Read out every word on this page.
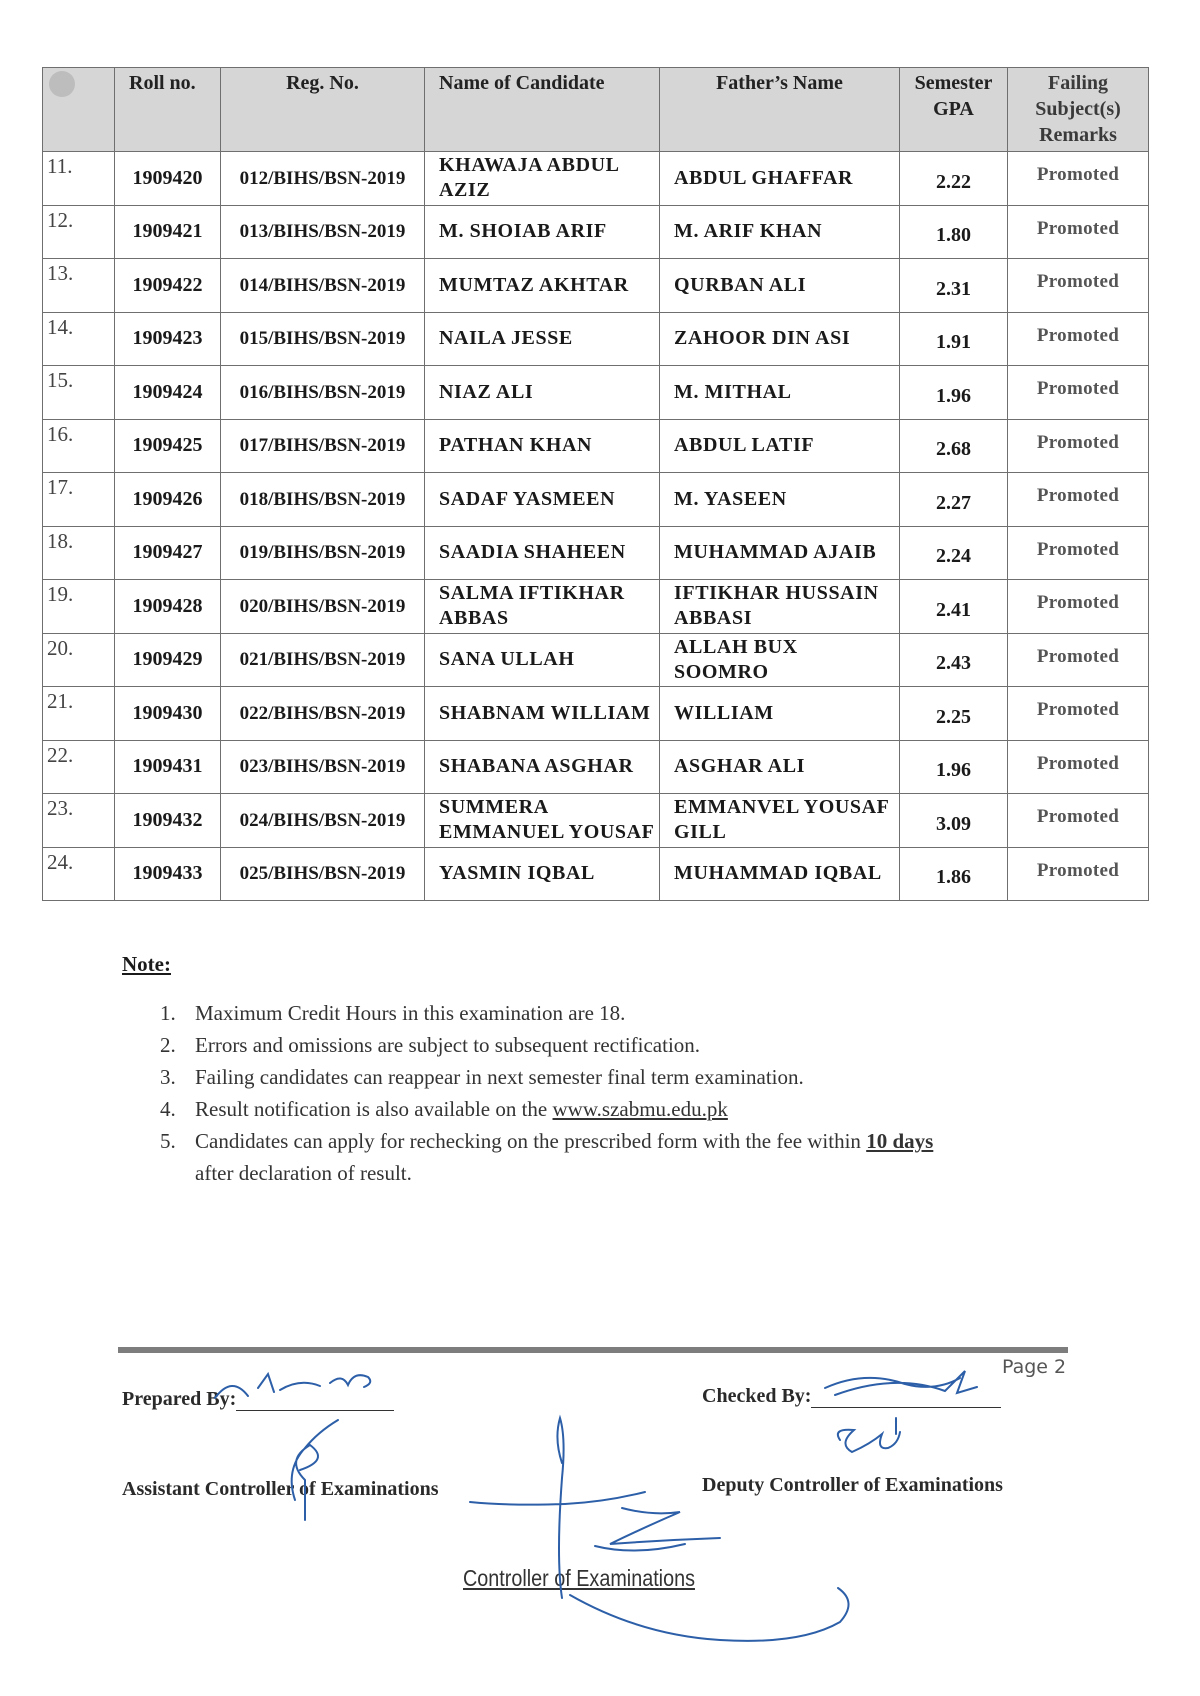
	Roll no.	Reg. No.	Name of Candidate	Father’s Name	Semester GPA	Failing Subject(s) Remarks
11.	1909420	012/BIHS/BSN-2019	KHAWAJA ABDUL AZIZ	ABDUL GHAFFAR	2.22	Promoted
12.	1909421	013/BIHS/BSN-2019	M. SHOIAB ARIF	M. ARIF KHAN	1.80	Promoted
13.	1909422	014/BIHS/BSN-2019	MUMTAZ AKHTAR	QURBAN ALI	2.31	Promoted
14.	1909423	015/BIHS/BSN-2019	NAILA JESSE	ZAHOOR DIN ASI	1.91	Promoted
15.	1909424	016/BIHS/BSN-2019	NIAZ ALI	M. MITHAL	1.96	Promoted
16.	1909425	017/BIHS/BSN-2019	PATHAN KHAN	ABDUL LATIF	2.68	Promoted
17.	1909426	018/BIHS/BSN-2019	SADAF YASMEEN	M. YASEEN	2.27	Promoted
18.	1909427	019/BIHS/BSN-2019	SAADIA SHAHEEN	MUHAMMAD AJAIB	2.24	Promoted
19.	1909428	020/BIHS/BSN-2019	SALMA IFTIKHAR ABBAS	IFTIKHAR HUSSAIN ABBASI	2.41	Promoted
20.	1909429	021/BIHS/BSN-2019	SANA ULLAH	ALLAH BUX SOOMRO	2.43	Promoted
21.	1909430	022/BIHS/BSN-2019	SHABNAM WILLIAM	WILLIAM	2.25	Promoted
22.	1909431	023/BIHS/BSN-2019	SHABANA ASGHAR	ASGHAR ALI	1.96	Promoted
23.	1909432	024/BIHS/BSN-2019	SUMMERA EMMANUEL YOUSAF	EMMANVEL YOUSAF GILL	3.09	Promoted
24.	1909433	025/BIHS/BSN-2019	YASMIN IQBAL	MUHAMMAD IQBAL	1.86	Promoted

Note:

1. Maximum Credit Hours in this examination are 18.
2. Errors and omissions are subject to subsequent rectification.
3. Failing candidates can reappear in next semester final term examination.
4. Result notification is also available on the www.szabmu.edu.pk
5. Candidates can apply for rechecking on the prescribed form with the fee within 10 days
after declaration of result.
Page 2
Prepared By:	Checked By:
Assistant Controller of Examinations	Deputy Controller of Examinations
Controller of Examinations
